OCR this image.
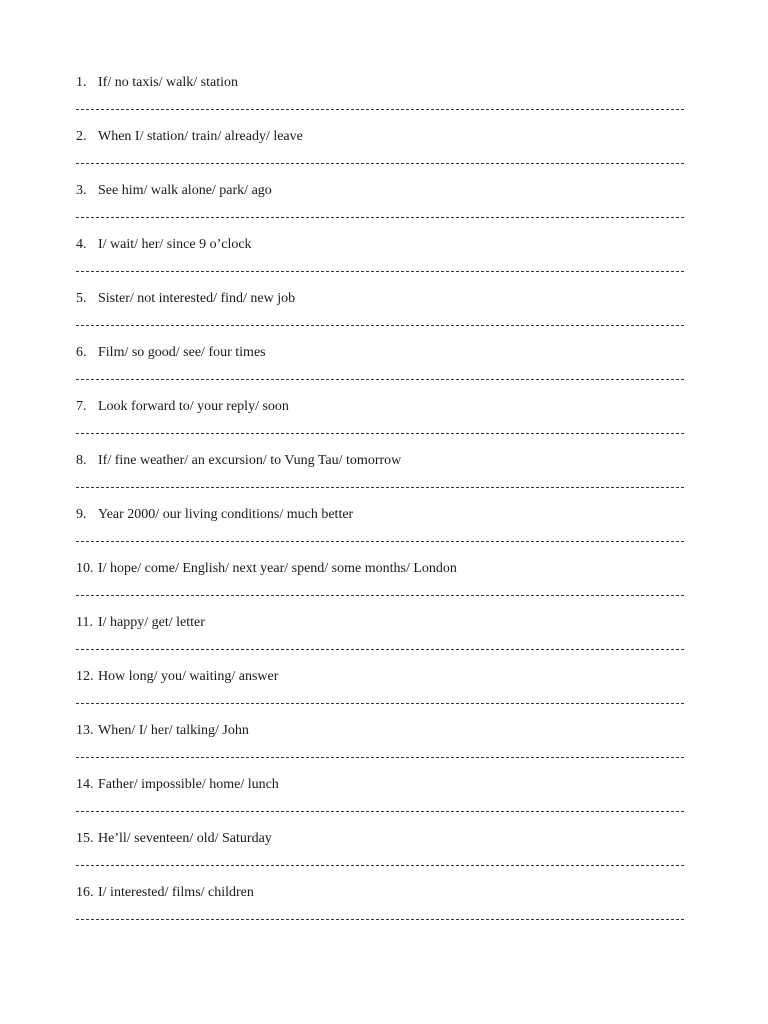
1. If/ no taxis/ walk/ station
2. When I/ station/ train/ already/ leave
3. See him/ walk alone/ park/ ago
4. I/ wait/ her/ since 9 o’clock
5. Sister/ not interested/ find/ new job
6. Film/ so good/ see/ four times
7. Look forward to/ your reply/ soon
8. If/ fine weather/ an excursion/ to Vung Tau/ tomorrow
9. Year 2000/ our living conditions/ much better
10. I/ hope/ come/ English/ next year/ spend/ some months/ London
11. I/ happy/ get/ letter
12. How long/ you/ waiting/ answer
13. When/ I/ her/ talking/ John
14. Father/ impossible/ home/ lunch
15. He’ll/ seventeen/ old/ Saturday
16. I/ interested/ films/ children
